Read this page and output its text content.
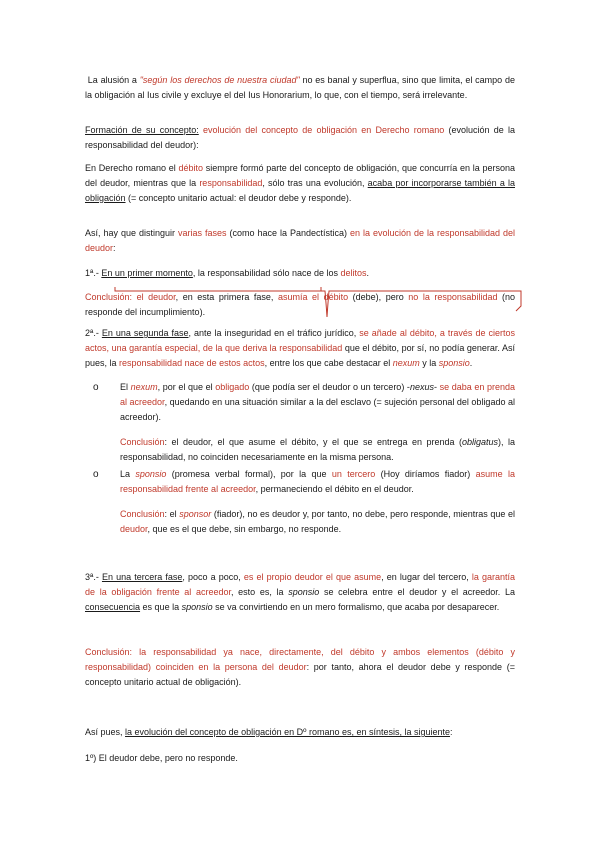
La alusión a "según los derechos de nuestra ciudad" no es banal y superflua, sino que limita, el campo de la obligación al Ius civile y excluye el del Ius Honorarium, lo que, con el tiempo, será irrelevante.

Formación de su concepto: evolución del concepto de obligación en Derecho romano (evolución de la responsabilidad del deudor):

En Derecho romano el débito siempre formó parte del concepto de obligación, que concurría en la persona del deudor, mientras que la responsabilidad, sólo tras una evolución, acaba por incorporarse también a la obligación (= concepto unitario actual: el deudor debe y responde).

Así, hay que distinguir varias fases (como hace la Pandectística) en la evolución de la responsabilidad del deudor:

1ª.- En un primer momento, la responsabilidad sólo nace de los delitos.

Conclusión: el deudor, en esta primera fase, asumía el débito (debe), pero no la responsabilidad (no responde del incumplimiento).

2ª.- En una segunda fase, ante la inseguridad en el tráfico jurídico, se añade al débito, a través de ciertos actos, una garantía especial, de la que deriva la responsabilidad que el débito, por sí, no podía generar. Así pues, la responsabilidad nace de estos actos, entre los que cabe destacar el nexum y la sponsio.

o El nexum, por el que el obligado (que podía ser el deudor o un tercero) -nexus- se daba en prenda al acreedor, quedando en una situación similar a la del esclavo (= sujeción personal del obligado al acreedor).

Conclusión: el deudor, el que asume el débito, y el que se entrega en prenda (obligatus), la responsabilidad, no coinciden necesariamente en la misma persona.

o La sponsio (promesa verbal formal), por la que un tercero (Hoy diríamos fiador) asume la responsabilidad frente al acreedor, permaneciendo el débito en el deudor.

Conclusión: el sponsor (fiador), no es deudor y, por tanto, no debe, pero responde, mientras que el deudor, que es el que debe, sin embargo, no responde.

3ª.- En una tercera fase, poco a poco, es el propio deudor el que asume, en lugar del tercero, la garantía de la obligación frente al acreedor, esto es, la sponsio se celebra entre el deudor y el acreedor. La consecuencia es que la sponsio se va convirtiendo en un mero formalismo, que acaba por desaparecer.

Conclusión: la responsabilidad ya nace, directamente, del débito y ambos elementos (débito y responsabilidad) coinciden en la persona del deudor: por tanto, ahora el deudor debe y responde (= concepto unitario actual de obligación).

Así pues, la evolución del concepto de obligación en Dº romano es, en síntesis, la siguiente:

1º) El deudor debe, pero no responde.
